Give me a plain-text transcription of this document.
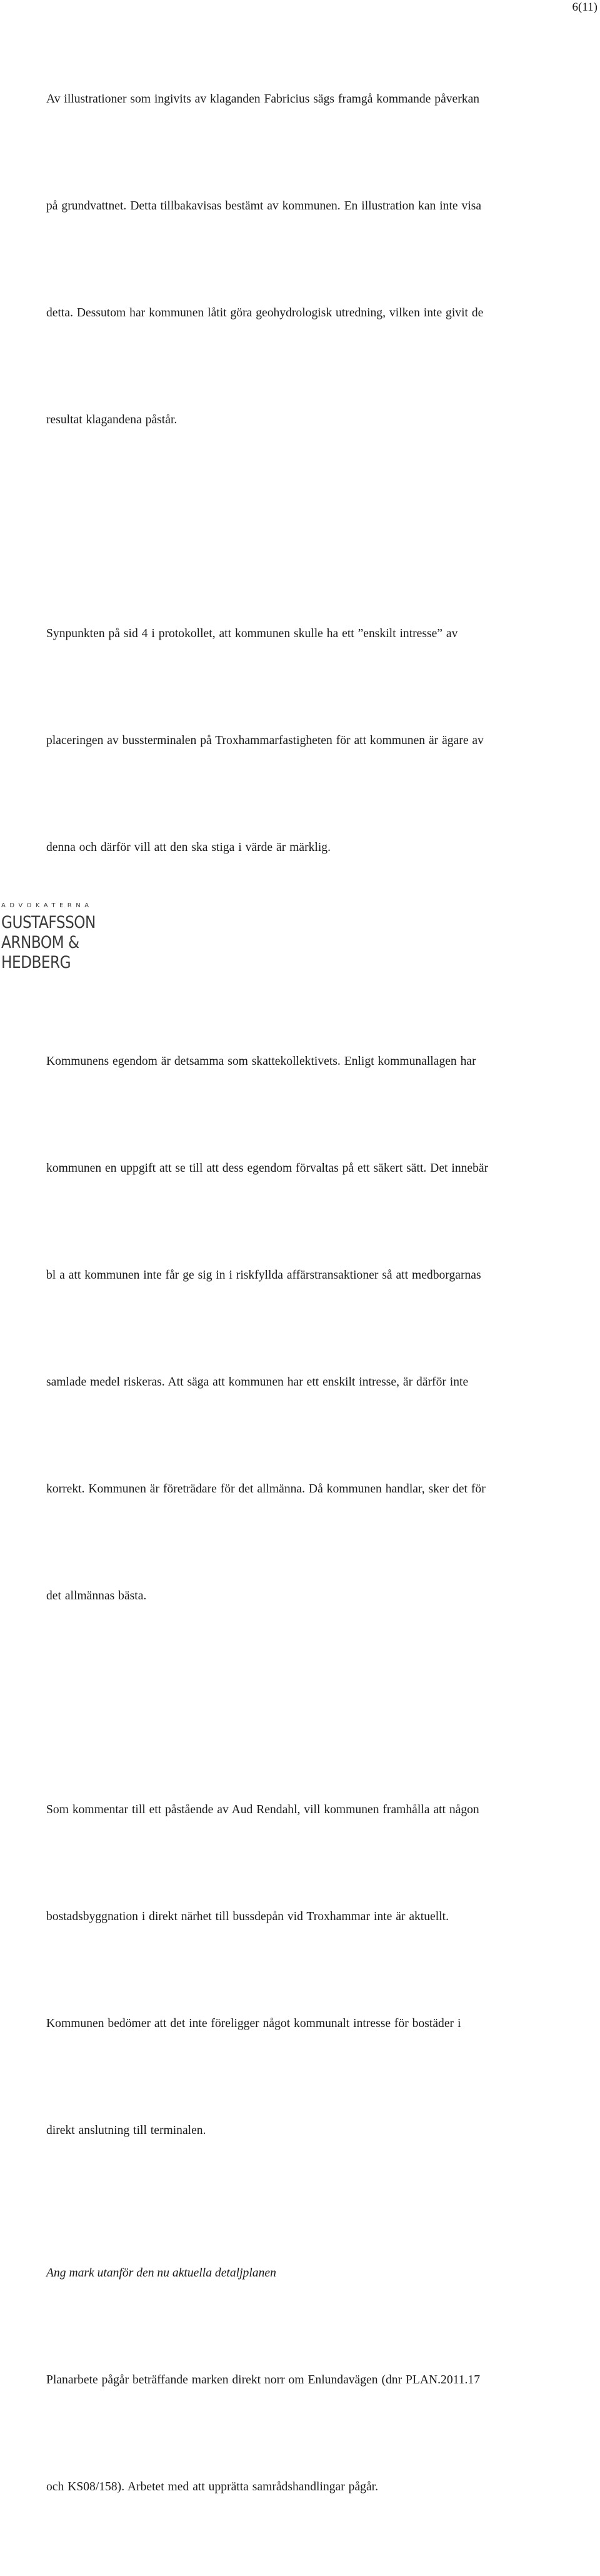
6(11)

Av illustrationer som ingivits av klaganden Fabricius sägs framgå kommande påverkan

på grundvattnet. Detta tillbakavisas bestämt av kommunen. En illustration kan inte visa

detta. Dessutom har kommunen låtit göra geohydrologisk utredning, vilken inte givit de

resultat klagandena påstår.

Synpunkten på sid 4 i protokollet, att kommunen skulle ha ett ”enskilt intresse” av

placeringen av bussterminalen på Troxhammarfastigheten för att kommunen är ägare av

denna och därför vill att den ska stiga i värde är märklig.

Kommunens egendom är detsamma som skattekollektivets. Enligt kommunallagen har

kommunen en uppgift att se till att dess egendom förvaltas på ett säkert sätt. Det innebär

bl a att kommunen inte får ge sig in i riskfyllda affärstransaktioner så att medborgarnas

samlade medel riskeras. Att säga att kommunen har ett enskilt intresse, är därför inte

korrekt. Kommunen är företrädare för det allmänna. Då kommunen handlar, sker det för

det allmännas bästa.

Som kommentar till ett påstående av Aud Rendahl, vill kommunen framhålla att någon

bostadsbyggnation i direkt närhet till bussdepån vid Troxhammar inte är aktuellt.

Kommunen bedömer att det inte föreligger något kommunalt intresse för bostäder i

direkt anslutning till terminalen.

Ang mark utanför den nu aktuella detaljplanen

Planarbete pågår beträffande marken direkt norr om Enlundavägen (dnr PLAN.2011.17

och KS08/158). Arbetet med att upprätta samrådshandlingar pågår.

ADVOKATERNA
GUSTAFSSON
ARNBOM &
HEDBERG
